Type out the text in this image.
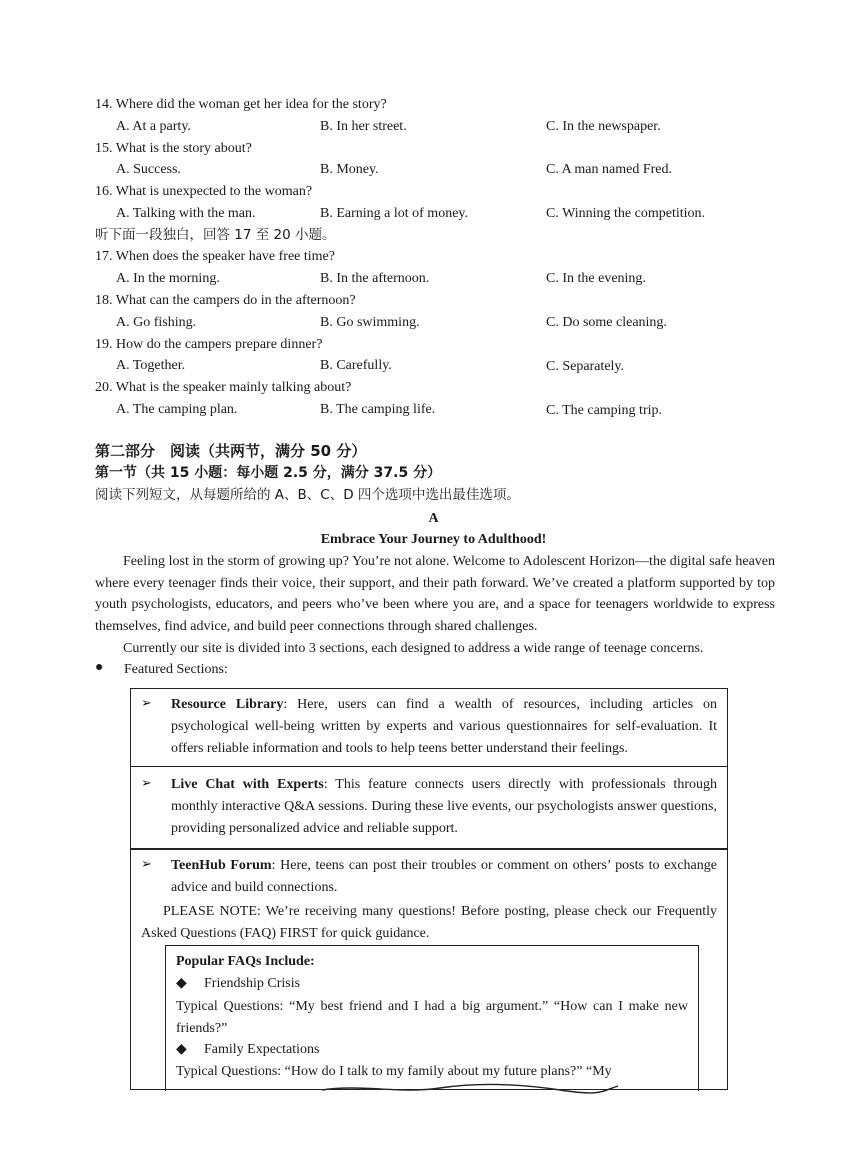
14. Where did the woman get her idea for the story?
A. At a party.	B. In her street.	C. In the newspaper.
15. What is the story about?
A. Success.	B. Money.	C. A man named Fred.
16. What is unexpected to the woman?
A. Talking with the man.	B. Earning a lot of money.	C. Winning the competition.
听下面一段独白，回答 17 至 20 小题。
17. When does the speaker have free time?
A. In the morning.	B. In the afternoon.	C. In the evening.
18. What can the campers do in the afternoon?
A. Go fishing.	B. Go swimming.	C. Do some cleaning.
19. How do the campers prepare dinner?
A. Together.	B. Carefully.	C. Separately.
20. What is the speaker mainly talking about?
A. The camping plan.	B. The camping life.	C. The camping trip.
第二部分　阅读（共两节，满分 50 分）
第一节（共 15 小题：每小题 2.5 分，满分 37.5 分）
阅读下列短文，从每题所给的 A、B、C、D 四个选项中选出最佳选项。
A
Embrace Your Journey to Adulthood!
Feeling lost in the storm of growing up? You’re not alone. Welcome to Adolescent Horizon—the digital safe heaven where every teenager finds their voice, their support, and their path forward. We’ve created a platform supported by top youth psychologists, educators, and peers who’ve been where you are, and a space for teenagers worldwide to express themselves, find advice, and build peer connections through shared challenges.
Currently our site is divided into 3 sections, each designed to address a wide range of teenage concerns.
● Featured Sections:
➢ Resource Library: Here, users can find a wealth of resources, including articles on psychological well-being written by experts and various questionnaires for self-evaluation. It offers reliable information and tools to help teens better understand their feelings.
➢ Live Chat with Experts: This feature connects users directly with professionals through monthly interactive Q&A sessions. During these live events, our psychologists answer questions, providing personalized advice and reliable support.
➢ TeenHub Forum: Here, teens can post their troubles or comment on others’ posts to exchange advice and build connections.
PLEASE NOTE: We’re receiving many questions! Before posting, please check our Frequently Asked Questions (FAQ) FIRST for quick guidance.
Popular FAQs Include:
◆ Friendship Crisis
Typical Questions: “My best friend and I had a big argument.” “How can I make new friends?”
◆ Family Expectations
Typical Questions: “How do I talk to my family about my future plans?” “My
